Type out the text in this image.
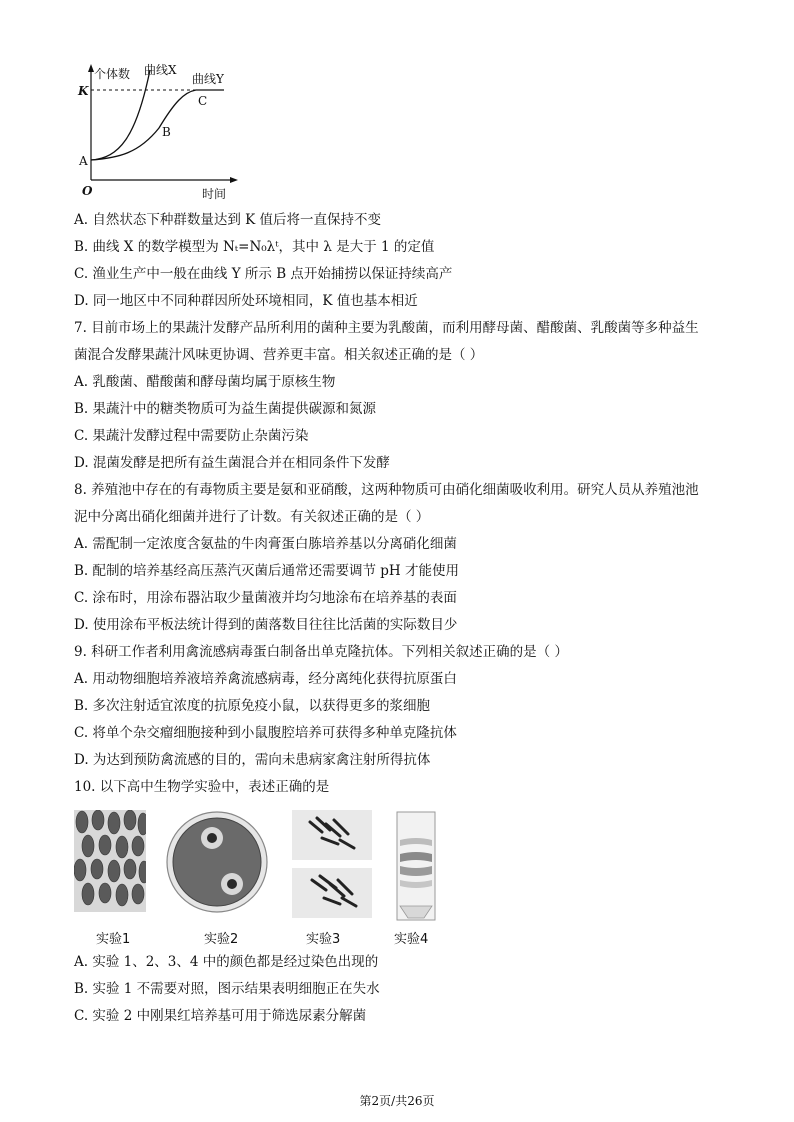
个体数 曲线X
曲线Y
K
C
B
A
O	时间
A. 自然状态下种群数量达到 K 值后将一直保持不变
B. 曲线 X 的数学模型为 Nₜ=N₀λᵗ，其中 λ 是大于 1 的定值
C. 渔业生产中一般在曲线 Y 所示 B 点开始捕捞以保证持续高产
D. 同一地区中不同种群因所处环境相同，K 值也基本相近
7. 目前市场上的果蔬汁发酵产品所利用的菌种主要为乳酸菌，而利用酵母菌、醋酸菌、乳酸菌等多种益生
菌混合发酵果蔬汁风味更协调、营养更丰富。相关叙述正确的是（ ）
A. 乳酸菌、醋酸菌和酵母菌均属于原核生物
B. 果蔬汁中的糖类物质可为益生菌提供碳源和氮源
C. 果蔬汁发酵过程中需要防止杂菌污染
D. 混菌发酵是把所有益生菌混合并在相同条件下发酵
8. 养殖池中存在的有毒物质主要是氨和亚硝酸，这两种物质可由硝化细菌吸收利用。研究人员从养殖池池
泥中分离出硝化细菌并进行了计数。有关叙述正确的是（ ）
A. 需配制一定浓度含氨盐的牛肉膏蛋白胨培养基以分离硝化细菌
B. 配制的培养基经高压蒸汽灭菌后通常还需要调节 pH 才能使用
C. 涂布时，用涂布器沾取少量菌液并均匀地涂布在培养基的表面
D. 使用涂布平板法统计得到的菌落数目往往比活菌的实际数目少
9. 科研工作者利用禽流感病毒蛋白制备出单克隆抗体。下列相关叙述正确的是（ ）
A. 用动物细胞培养液培养禽流感病毒，经分离纯化获得抗原蛋白
B. 多次注射适宜浓度的抗原免疫小鼠，以获得更多的浆细胞
C. 将单个杂交瘤细胞接种到小鼠腹腔培养可获得多种单克隆抗体
D. 为达到预防禽流感的目的，需向未患病家禽注射所得抗体
10. 以下高中生物学实验中，表述正确的是
实验1	实验2	实验3	实验4
A. 实验 1、2、3、4 中的颜色都是经过染色出现的
B. 实验 1 不需要对照，图示结果表明细胞正在失水
C. 实验 2 中刚果红培养基可用于筛选尿素分解菌
第2页/共26页
